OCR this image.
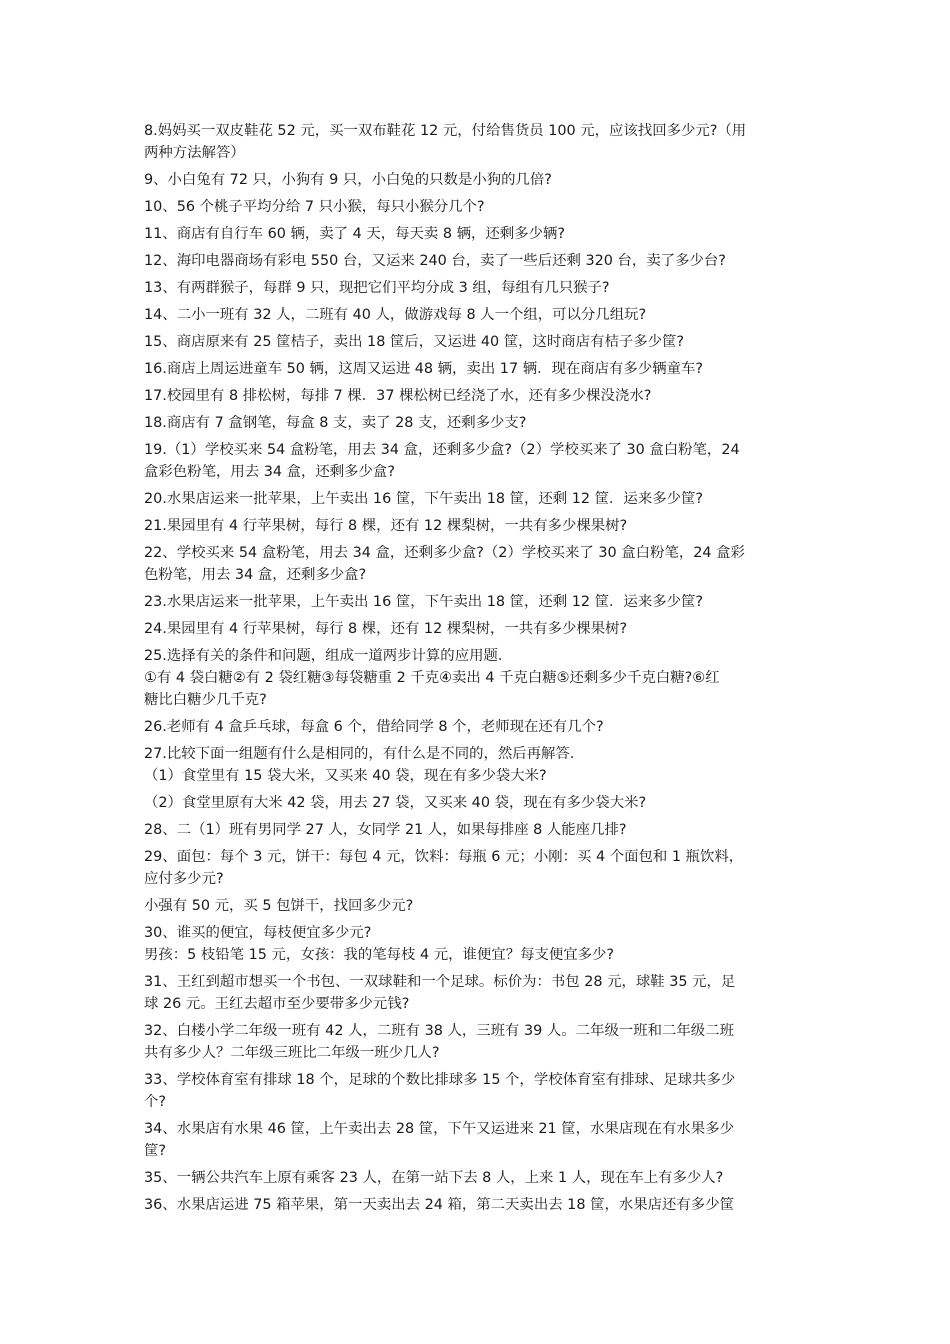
8.妈妈买一双皮鞋花 52 元，买一双布鞋花 12 元，付给售货员 100 元，应该找回多少元?（用
两种方法解答）
9、小白兔有 72 只，小狗有 9 只，小白兔的只数是小狗的几倍?
10、56 个桃子平均分给 7 只小猴，每只小猴分几个?
11、商店有自行车 60 辆，卖了 4 天，每天卖 8 辆，还剩多少辆?
12、海印电器商场有彩电 550 台，又运来 240 台，卖了一些后还剩 320 台，卖了多少台?
13、有两群猴子，每群 9 只，现把它们平均分成 3 组，每组有几只猴子?
14、二小一班有 32 人，二班有 40 人，做游戏每 8 人一个组，可以分几组玩?
15、商店原来有 25 筐桔子，卖出 18 筐后，又运进 40 筐，这时商店有桔子多少筐?
16.商店上周运进童车 50 辆，这周又运进 48 辆，卖出 17 辆．现在商店有多少辆童车?
17.校园里有 8 排松树，每排 7 棵．37 棵松树已经浇了水，还有多少棵没浇水?
18.商店有 7 盒钢笔，每盒 8 支，卖了 28 支，还剩多少支?
19.（1）学校买来 54 盒粉笔，用去 34 盒，还剩多少盒?（2）学校买来了 30 盒白粉笔，24
盒彩色粉笔，用去 34 盒，还剩多少盒?
20.水果店运来一批苹果，上午卖出 16 筐，下午卖出 18 筐，还剩 12 筐．运来多少筐?
21.果园里有 4 行苹果树，每行 8 棵，还有 12 棵梨树，一共有多少棵果树?
22、学校买来 54 盒粉笔，用去 34 盒，还剩多少盒?（2）学校买来了 30 盒白粉笔，24 盒彩
色粉笔，用去 34 盒，还剩多少盒?
23.水果店运来一批苹果，上午卖出 16 筐，下午卖出 18 筐，还剩 12 筐．运来多少筐?
24.果园里有 4 行苹果树，每行 8 棵，还有 12 棵梨树，一共有多少棵果树?
25.选择有关的条件和问题，组成一道两步计算的应用题．
①有 4 袋白糖②有 2 袋红糖③每袋糖重 2 千克④卖出 4 千克白糖⑤还剩多少千克白糖?⑥红
糖比白糖少几千克?
26.老师有 4 盒乒乓球，每盒 6 个，借给同学 8 个，老师现在还有几个?
27.比较下面一组题有什么是相同的，有什么是不同的，然后再解答．
（1）食堂里有 15 袋大米，又买来 40 袋，现在有多少袋大米?
（2）食堂里原有大米 42 袋，用去 27 袋，又买来 40 袋，现在有多少袋大米?
28、二（1）班有男同学 27 人，女同学 21 人，如果每排座 8 人能座几排?
29、面包：每个 3 元，饼干：每包 4 元，饮料：每瓶 6 元；小刚：买 4 个面包和 1 瓶饮料，
应付多少元?
小强有 50 元，买 5 包饼干，找回多少元?
30、谁买的便宜，每枝便宜多少元?
男孩：5 枝铅笔 15 元，女孩：我的笔每枝 4 元，谁便宜？每支便宜多少?
31、王红到超市想买一个书包、一双球鞋和一个足球。标价为：书包 28 元，球鞋 35 元，足
球 26 元。王红去超市至少要带多少元钱?
32、白楼小学二年级一班有 42 人，二班有 38 人，三班有 39 人。二年级一班和二年级二班
共有多少人？二年级三班比二年级一班少几人?
33、学校体育室有排球 18 个，足球的个数比排球多 15 个，学校体育室有排球、足球共多少
个?
34、水果店有水果 46 筐，上午卖出去 28 筐，下午又运进来 21 筐，水果店现在有水果多少
筐?
35、一辆公共汽车上原有乘客 23 人，在第一站下去 8 人，上来 1 人，现在车上有多少人?
36、水果店运进 75 箱苹果，第一天卖出去 24 箱，第二天卖出去 18 筐，水果店还有多少筐
